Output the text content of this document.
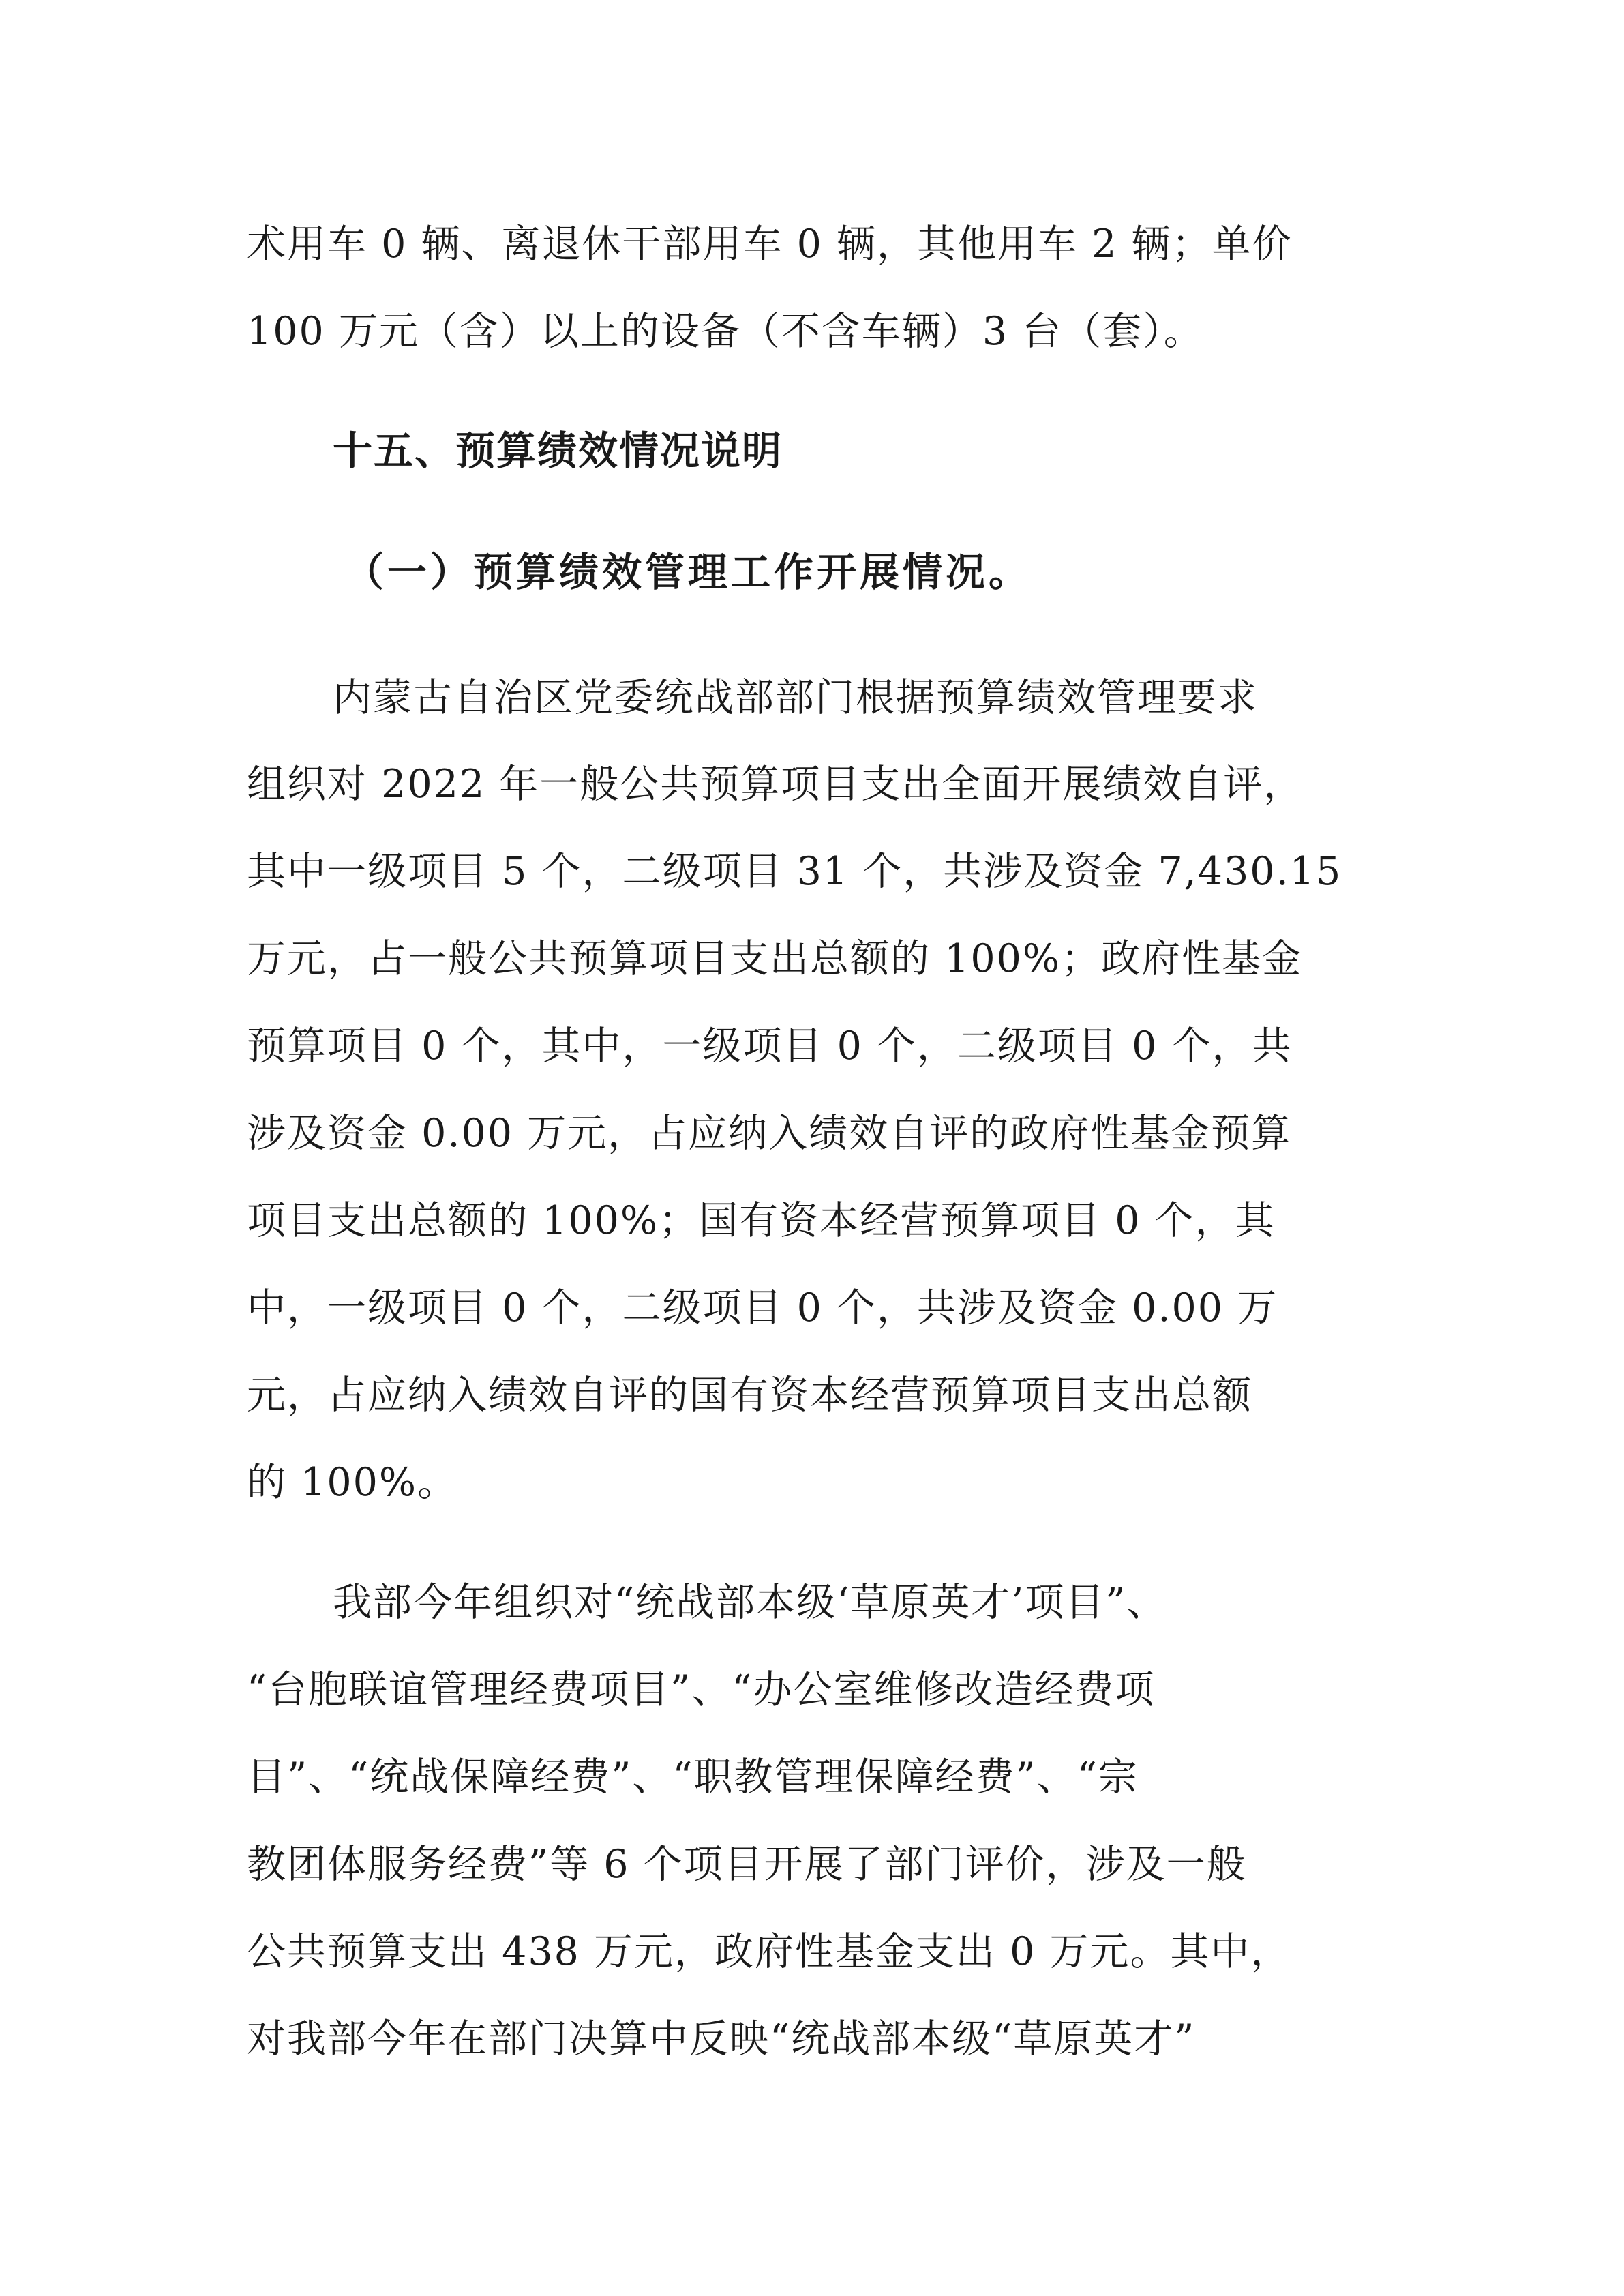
术用车 0 辆、离退休干部用车 0 辆，其他用车 2 辆；单价
100 万元（含）以上的设备（不含车辆）3 台（套）。
十五、预算绩效情况说明
（一）预算绩效管理工作开展情况。
内蒙古自治区党委统战部部门根据预算绩效管理要求
组织对 2022 年一般公共预算项目支出全面开展绩效自评，
其中一级项目 5 个，二级项目 31 个，共涉及资金 7,430.15
万元，占一般公共预算项目支出总额的 100%；政府性基金
预算项目 0 个，其中，一级项目 0 个，二级项目 0 个，共
涉及资金 0.00 万元，占应纳入绩效自评的政府性基金预算
项目支出总额的 100%；国有资本经营预算项目 0 个，其
中，一级项目 0 个，二级项目 0 个，共涉及资金 0.00 万
元，占应纳入绩效自评的国有资本经营预算项目支出总额
的 100%。
我部今年组织对“统战部本级‘草原英才’项目”、
“台胞联谊管理经费项目”、“办公室维修改造经费项
目”、“统战保障经费”、“职教管理保障经费”、“宗
教团体服务经费”等 6 个项目开展了部门评价，涉及一般
公共预算支出 438 万元，政府性基金支出 0 万元。其中，
对我部今年在部门决算中反映“统战部本级“草原英才”
